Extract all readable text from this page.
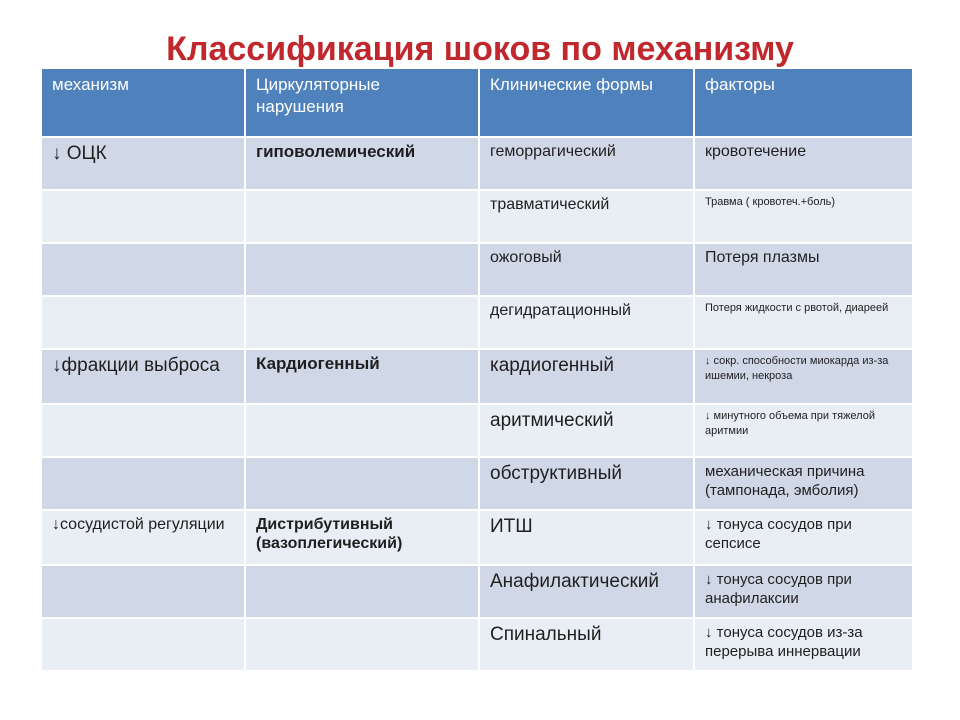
Классификация шоков по механизму
механизм	Циркуляторные нарушения	Клинические формы	факторы
↓ ОЦК	гиповолемический	геморрагический	кровотечение
		травматический	Травма ( кровотеч.+боль)
		ожоговый	Потеря плазмы
		дегидратационный	Потеря жидкости с рвотой, диареей
↓фракции выброса	Кардиогенный	кардиогенный	↓ сокр. способности миокарда из-за ишемии, некроза
		аритмический	↓ минутного объема при тяжелой аритмии
		обструктивный	механическая причина (тампонада, эмболия)
↓сосудистой регуляции	Дистрибутивный (вазоплегический)	ИТШ	↓ тонуса сосудов при сепсисе
		Анафилактический	↓ тонуса сосудов при анафилаксии
		Спинальный	↓ тонуса сосудов из-за перерыва иннервации
